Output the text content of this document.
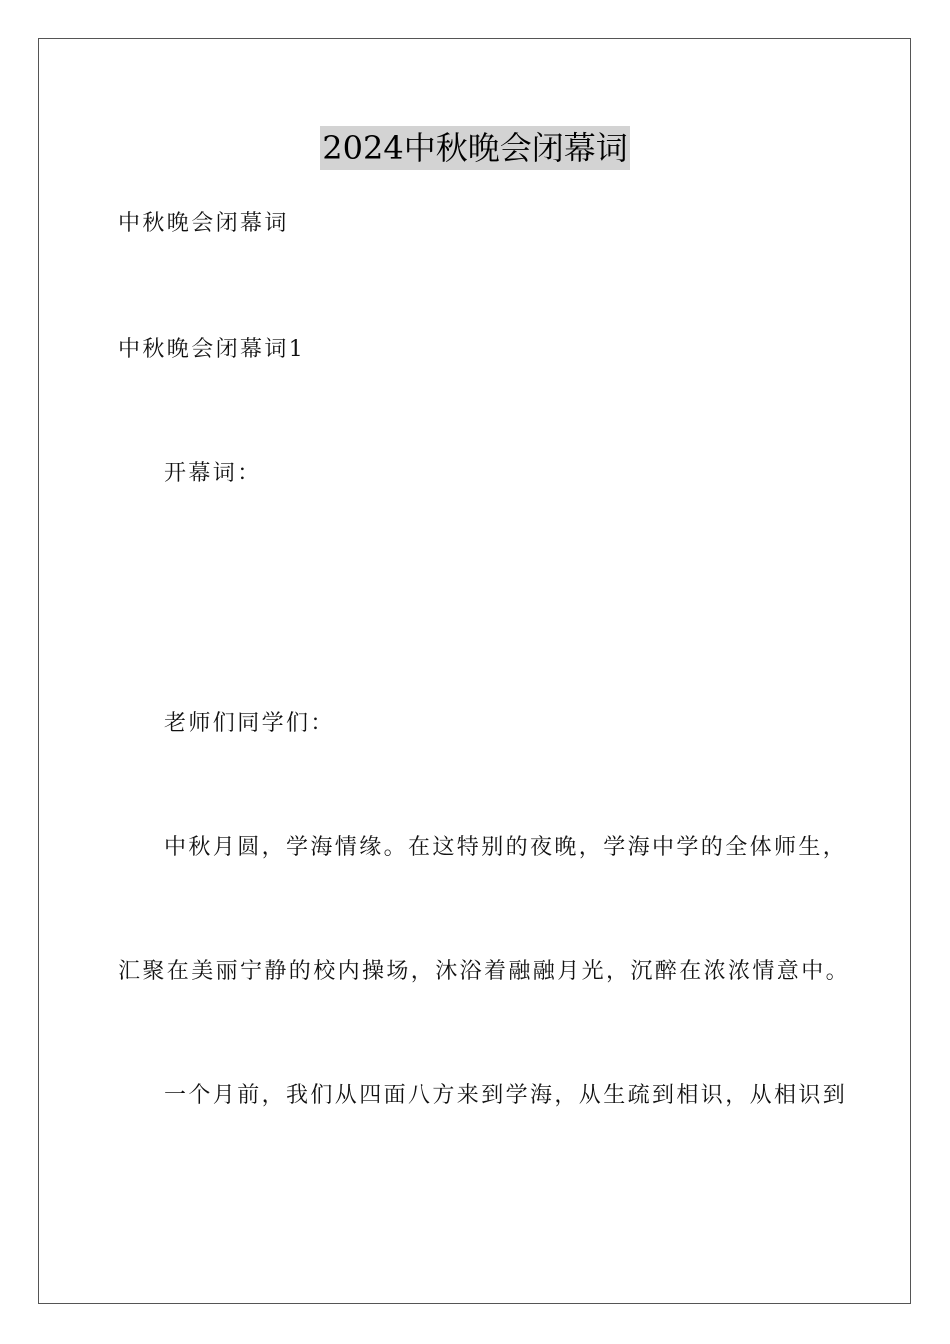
2024中秋晚会闭幕词
中秋晚会闭幕词
中秋晚会闭幕词1
开幕词：
老师们同学们：
中秋月圆，学海情缘。在这特别的夜晚，学海中学的全体师生，
汇聚在美丽宁静的校内操场，沐浴着融融月光，沉醉在浓浓情意中。
一个月前，我们从四面八方来到学海，从生疏到相识，从相识到
